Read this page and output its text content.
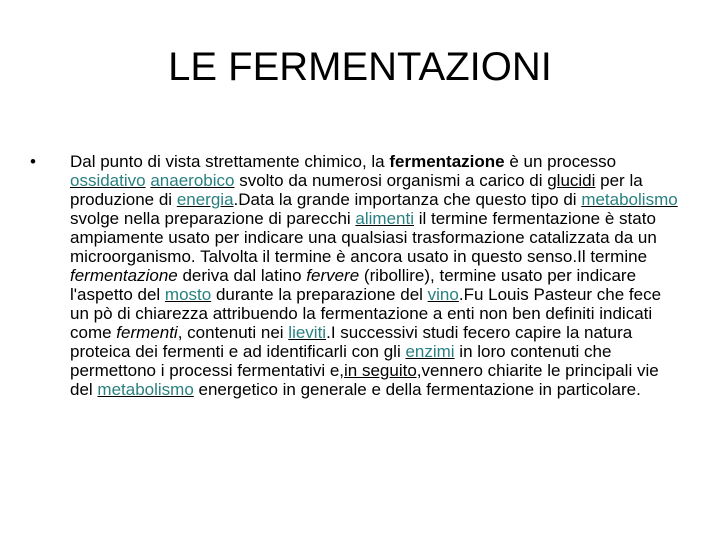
LE FERMENTAZIONI
• Dal punto di vista strettamente chimico, la fermentazione è un processo ossidativo anaerobico svolto da numerosi organismi a carico di glucidi per la produzione di energia.Data la grande importanza che questo tipo di metabolismo svolge nella preparazione di parecchi alimenti il termine fermentazione è stato ampiamente usato per indicare una qualsiasi trasformazione catalizzata da un microorganismo. Talvolta il termine è ancora usato in questo senso.Il termine fermentazione deriva dal latino fervere (ribollire), termine usato per indicare l'aspetto del mosto durante la preparazione del vino.Fu Louis Pasteur che fece un pò di chiarezza attribuendo la fermentazione a enti non ben definiti indicati come fermenti, contenuti nei lieviti.I successivi studi fecero capire la natura proteica dei fermenti e ad identificarli con gli enzimi in loro contenuti che permettono i processi fermentativi e,in seguito,vennero chiarite le principali vie del metabolismo energetico in generale e della fermentazione in particolare.
